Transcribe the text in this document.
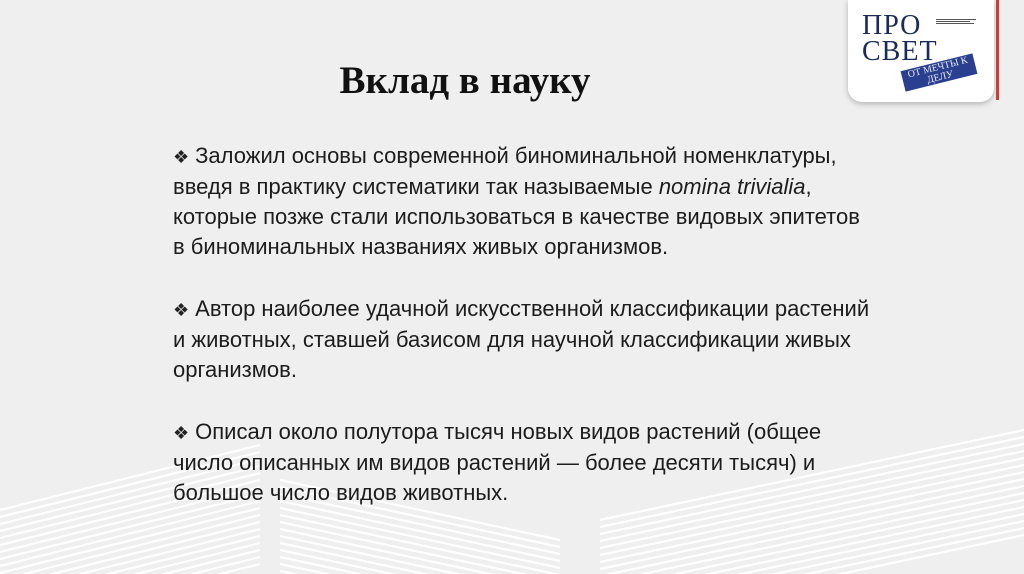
Вклад в науку

❖ Заложил основы современной биноминальной номенклатуры, введя в практику систематики так называемые nomina trivialia, которые позже стали использоваться в качестве видовых эпитетов в биноминальных названиях живых организмов.

❖ Автор наиболее удачной искусственной классификации растений и животных, ставшей базисом для научной классификации живых организмов.

❖ Описал около полутора тысяч новых видов растений (общее число описанных им видов растений — более десяти тысяч) и большое число видов животных.

ПРО
СВЕТ
ОТ МЕЧТЫ К ДЕЛУ
